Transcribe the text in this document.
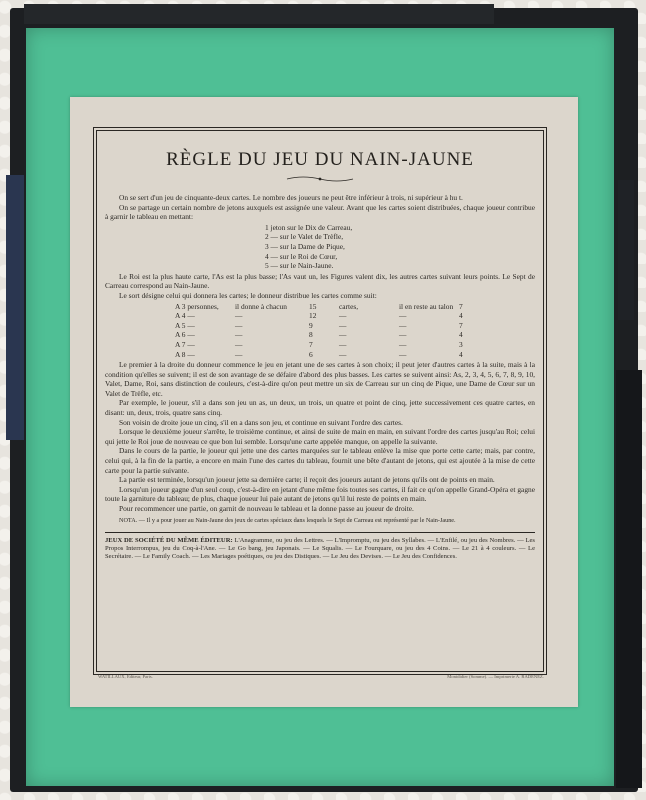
RÈGLE DU JEU DU NAIN-JAUNE

On se sert d'un jeu de cinquante-deux cartes. Le nombre des joueurs ne peut être inférieur à trois, ni supérieur à hu t.

On se partage un certain nombre de jetons auxquels est assignée une valeur. Avant que les cartes soient distribuées, chaque joueur contribue à garnir le tableau en mettant:

1 jeton sur le Dix de Carreau,
2 — sur le Valet de Trèfle,
3 — sur la Dame de Pique,
4 — sur le Roi de Cœur,
5 — sur le Nain-Jaune.

Le Roi est la plus haute carte, l'As est la plus basse; l'As vaut un, les Figures valent dix, les autres cartes suivant leurs points. Le Sept de Carreau correspond au Nain-Jaune.

Le sort désigne celui qui donnera les cartes; le donneur distribue les cartes comme suit:

A 3 personnes,	il donne à chacun	15	cartes,	il en reste au talon 7
A 4 —	—	12	—	—	4
A 5 —	—	9	—	—	7
A 6 —	—	8	—	—	4
A 7 —	—	7	—	—	3
A 8 —	—	6	—	—	4

Le premier à la droite du donneur commence le jeu en jetant une de ses cartes à son choix; il peut jeter d'autres cartes à la suite, mais à la condition qu'elles se suivent; il est de son avantage de se défaire d'abord des plus basses. Les cartes se suivent ainsi: As, 2, 3, 4, 5, 6, 7, 8, 9, 10, Valet, Dame, Roi, sans distinction de couleurs, c'est-à-dire qu'on peut mettre un six de Carreau sur un cinq de Pique, une Dame de Cœur sur un Valet de Trèfle, etc.

Par exemple, le joueur, s'il a dans son jeu un as, un deux, un trois, un quatre et point de cinq, jette successivement ces quatre cartes, en disant: un, deux, trois, quatre sans cinq.

Son voisin de droite joue un cinq, s'il en a dans son jeu, et continue en suivant l'ordre des cartes.

Lorsque le deuxième joueur s'arrête, le troisième continue, et ainsi de suite de main en main, en suivant l'ordre des cartes jusqu'au Roi; celui qui jette le Roi joue de nouveau ce que bon lui semble. Lorsqu'une carte appelée manque, on appelle la suivante.

Dans le cours de la partie, le joueur qui jette une des cartes marquées sur le tableau enlève la mise que porte cette carte; mais, par contre, celui qui, à la fin de la partie, a encore en main l'une des cartes du tableau, fournit une bête d'autant de jetons, qui est ajoutée à la mise de cette carte pour la partie suivante.

La partie est terminée, lorsqu'un joueur jette sa dernière carte; il reçoit des joueurs autant de jetons qu'ils ont de points en main.

Lorsqu'un joueur gagne d'un seul coup, c'est-à-dire en jetant d'une même fois toutes ses cartes, il fait ce qu'on appelle Grand-Opéra et gagne toute la garniture du tableau; de plus, chaque joueur lui paie autant de jetons qu'il lui reste de points en main.

Pour recommencer une partie, on garnit de nouveau le tableau et la donne passe au joueur de droite.

NOTA. — Il y a pour jouer au Nain-Jaune des jeux de cartes spéciaux dans lesquels le Sept de Carreau est représenté par le Nain-Jaune.

JEUX DE SOCIÉTÉ DU MÊME ÉDITEUR: L'Anagramme, ou jeu des Lettres. — L'Impromptu, ou jeu des Syllabes. — L'Enfilé, ou jeu des Nombres. — Les Propos Interrompus, jeu du Coq-à-l'Ane. — Le Go bang, jeu Japonais. — Le Squalis. — Le Fourquare, ou jeu des 4 Coins. — Le 21 à 4 couleurs. — Le Secrétaire. — Le Family Coach. — Les Mariages poétiques, ou jeu des Distiques. — Le Jeu des Devises. — Le Jeu des Confidences.
WATILLAUX, Éditeur, Paris.	Montdidier (Somme). — Imprimerie A. RADENEZ.
